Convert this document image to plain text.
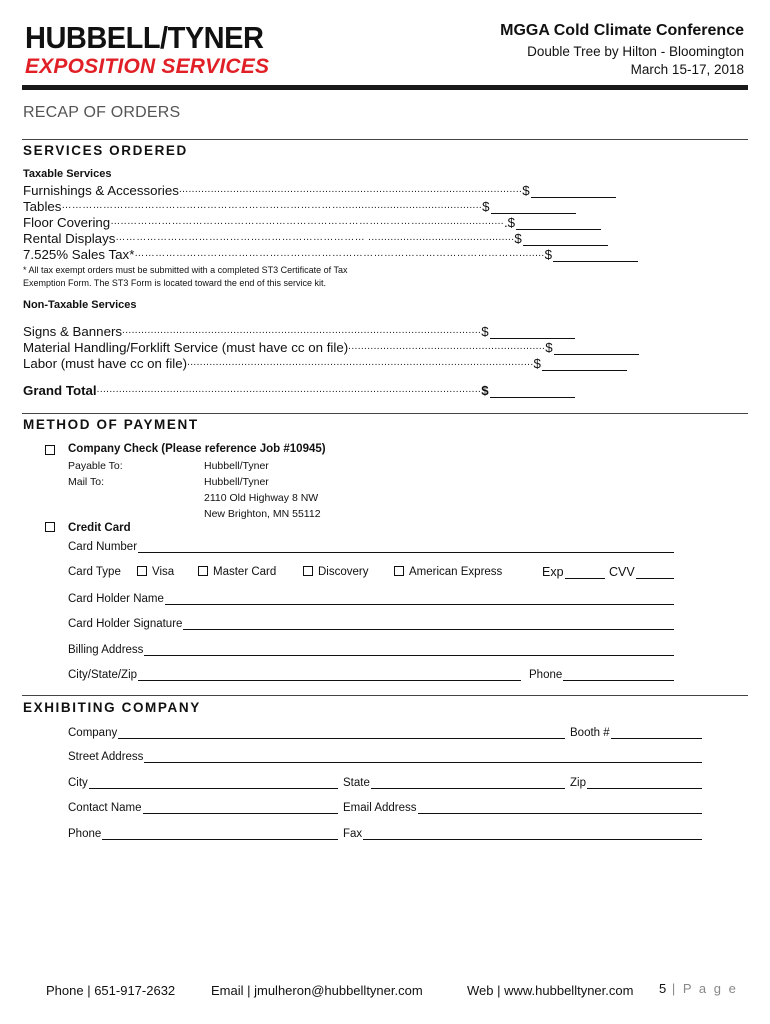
HUBBELL/TYNER
EXPOSITION SERVICES
MGGA Cold Climate Conference
Double Tree by Hilton - Bloomington
March 15-17, 2018
RECAP OF ORDERS
SERVICES ORDERED
Taxable Services
Furnishings & Accessories ............................................................................................................ $
Tables ………………………………………………………………………............................................ $
Floor Covering …..……….………………………………………………………………….......................... .$
Rental Displays ……………………………………………………………… .............................................. $
7.525% Sales Tax* …………………………………………………………………………………………………........ $
* All tax exempt orders must be submitted with a completed ST3 Certificate of Tax
Exemption Form. The ST3 Form is located toward the end of this service kit.
Non-Taxable Services
Signs & Banners ................................................................................................................. $
Material Handling/Forklift Service (must have cc on file) .............................................................. $
Labor (must have cc on file) ............................................................................................................. $
Grand Total ......................................................................................................................... $
METHOD OF PAYMENT
Company Check (Please reference Job #10945)
Payable To:	Hubbell/Tyner
Mail To:	Hubbell/Tyner
2110 Old Highway 8 NW
New Brighton, MN 55112
Credit Card
Card Number
Card Type	Visa	Master Card	Discovery	American Express	Exp	CVV
Card Holder Name
Card Holder Signature
Billing Address
City/State/Zip	Phone
EXHIBITING COMPANY
Company	Booth #
Street Address
City	State	Zip
Contact Name	Email Address
Phone	Fax
Phone | 651-917-2632	Email | jmulheron@hubbelltyner.com	Web | www.hubbelltyner.com 5 | P a g e
